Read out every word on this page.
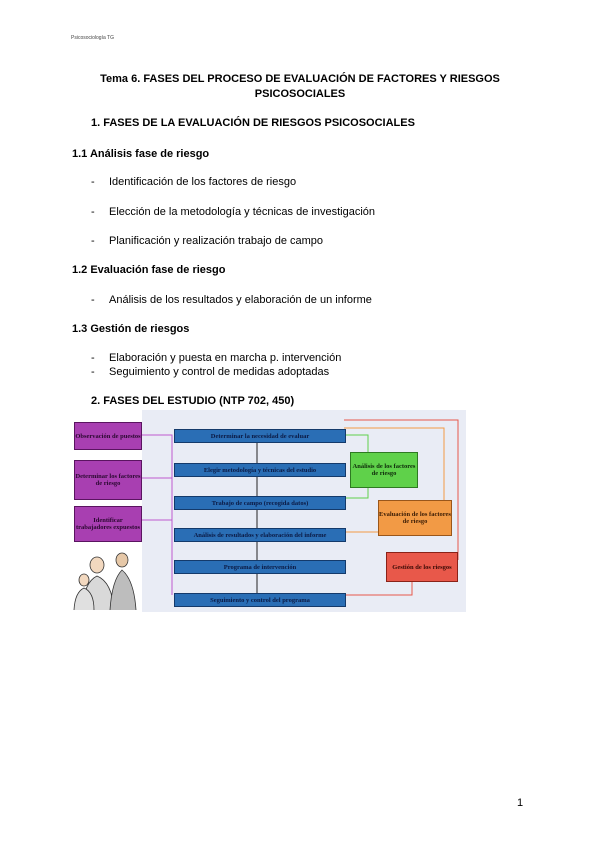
Psicosociología TG
Tema 6. FASES DEL PROCESO DE EVALUACIÓN DE FACTORES Y RIESGOS
PSICOSOCIALES
1. FASES DE LA EVALUACIÓN DE RIESGOS PSICOSOCIALES
1.1 Análisis fase de riesgo
- Identificación de los factores de riesgo
- Elección de la metodología y técnicas de investigación
- Planificación y realización trabajo de campo
1.2 Evaluación fase de riesgo
- Análisis de los resultados y elaboración de un informe
1.3 Gestión de riesgos
- Elaboración y puesta en marcha p. intervención
- Seguimiento y control de medidas adoptadas
2. FASES DEL ESTUDIO (NTP 702, 450)
Observación de puestos
Determinar los factores de riesgo
Identificar trabajadores expuestos
Determinar la necesidad de evaluar
Elegir metodología y técnicas del estudio
Trabajo de campo (recogida datos)
Análisis de resultados y elaboración del informe
Programa de intervención
Seguimiento y control del programa
Análisis de los factores de riesgo
Evaluación de los factores de riesgo
Gestión de los riesgos
1
